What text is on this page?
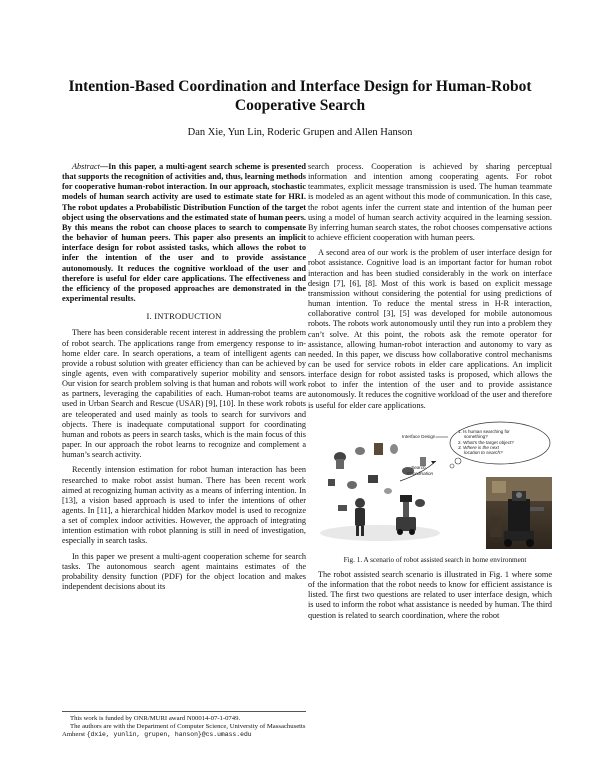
Intention-Based Coordination and Interface Design for Human-Robot
Cooperative Search
Dan Xie, Yun Lin, Roderic Grupen and Allen Hanson

Abstract—In this paper, a multi-agent search scheme is presented that supports the recognition of activities and, thus, learning methods for cooperative human-robot interaction. In our approach, stochastic models of human search activity are used to estimate state for HRI. The robot updates a Probabilistic Distribution Function of the target object using the observations and the estimated state of human peers. By this means the robot can choose places to search to compensate the behavior of human peers. This paper also presents an implicit interface design for robot assisted tasks, which allows the robot to infer the intention of the user and to provide assistance autonomously. It reduces the cognitive workload of the user and therefore is useful for elder care applications. The effectiveness and the efficiency of the proposed approaches are demonstrated in the experimental results.

I. INTRODUCTION

There has been considerable recent interest in addressing the problem of robot search. The applications range from emergency response to in-home elder care. In search operations, a team of intelligent agents can provide a robust solution with greater efficiency than can be achieved by single agents, even with comparatively superior mobility and sensors. Our vision for search problem solving is that human and robots will work as partners, leveraging the capabilities of each. Human-robot teams are used in Urban Search and Rescue (USAR) [9], [10]. In these work robots are teleoperated and used mainly as tools to search for survivors and objects. There is inadequate computational support for coordinating human and robots as peers in search tasks, which is the main focus of this paper. In our approach the robot learns to recognize and complement a human’s search activity.

Recently intension estimation for robot human interaction has been researched to make robot assist human. There has been recent work aimed at recognizing human activity as a means of inferring intention. In [13], a vision based approach is used to infer the intentions of other agents. In [11], a hierarchical hidden Markov model is used to recognize a set of complex indoor activities. However, the approach of integrating intention estimation with robot planning is still in need of investigation, especially in search tasks.

In this paper we present a multi-agent cooperation scheme for search tasks. The autonomous search agent maintains estimates of the probability density function (PDF) for the object location and makes independent decisions about its

search process. Cooperation is achieved by sharing perceptual information and intention among cooperating agents. For robot teammates, explicit message transmission is used. The human teammate is modeled as an agent without this mode of communication. In this case, the robot agents infer the current state and intention of the human peer using a model of human search activity acquired in the learning session. By inferring human search states, the robot chooses compensative actions to achieve efficient cooperation with human peers.

A second area of our work is the problem of user interface design for robot assistance. Cognitive load is an important factor for human robot interaction and has been studied considerably in the work on interface design [7], [6], [8]. Most of this work is based on explicit message transmission without considering the potential for using predictions of human intention. To reduce the mental stress in H-R interaction, collaborative control [3], [5] was developed for mobile autonomous robots. The robots work autonomously until they run into a problem they can’t solve. At this point, the robots ask the remote operator for assistance, allowing human-robot interaction and autonomy to vary as needed. In this paper, we discuss how collaborative control mechanisms can be used for service robots in elder care applications. An implicit interface design for robot assisted tasks is proposed, which allows the robot to infer the intention of the user and to provide assistance autonomously. It reduces the cognitive workload of the user and therefore is useful for elder care applications.

Interface Design
Search
Coordination
1. Is human searching for
something?
2. What’s the target object?
3. Where is the next
location to search?

Fig. 1. A scenario of robot assisted search in home environment

The robot assisted search scenario is illustrated in Fig. 1 where some of the information that the robot needs to know for efficient assistance is listed. The first two questions are related to user interface design, which is used to inform the robot what assistance is needed by human. The third question is related to search coordination, where the robot

This work is funded by ONR/MURI award N00014-07-1-0749.

The authors are with the Department of Computer Science, University of Massachusetts Amherst {dxie, yunlin, grupen, hanson}@cs.umass.edu
